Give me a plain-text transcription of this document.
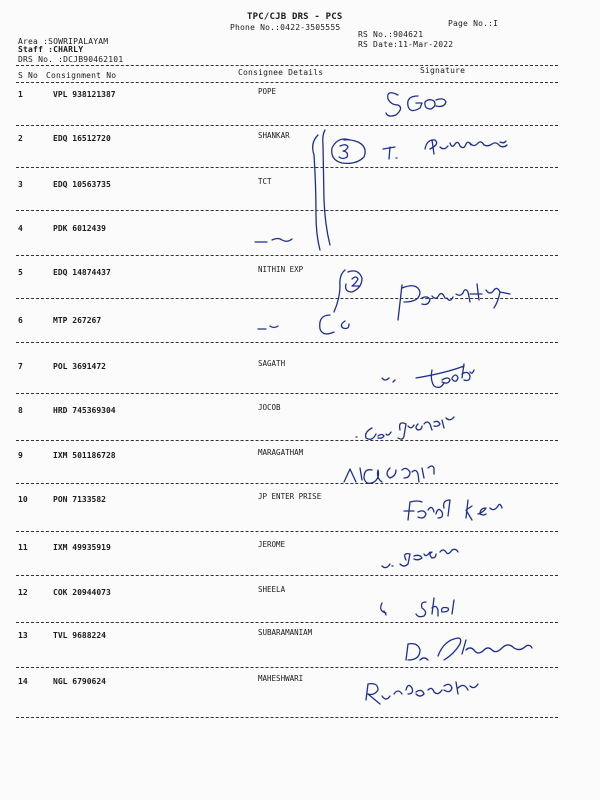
TPC/CJB DRS - PCS
Phone No.:0422-3505555	Page No.:I
Area :SOWRIPALAYAM
Staff :CHARLY
DRS No. :DCJB90462101
RS No.:904621
RS Date:11-Mar-2022
S No Consignment No	Consignee Details	Signature
1	VPL 938121387	POPE
2	EDQ 16512720	SHANKAR
3	EDQ 10563735	TCT
4	PDK 6012439
5	EDQ 14874437	NITHIN EXP
6	MTP 267267
7	POL 3691472	SAGATH
8	HRD 745369304	JOCOB
9	IXM 501186728	MARAGATHAM
10	PON 7133582	JP ENTER PRISE
11	IXM 49935919	JEROME
12	COK 20944073	SHEELA
13	TVL 9688224	SUBARAMANIAM
14	NGL 6790624	MAHESHWARI
